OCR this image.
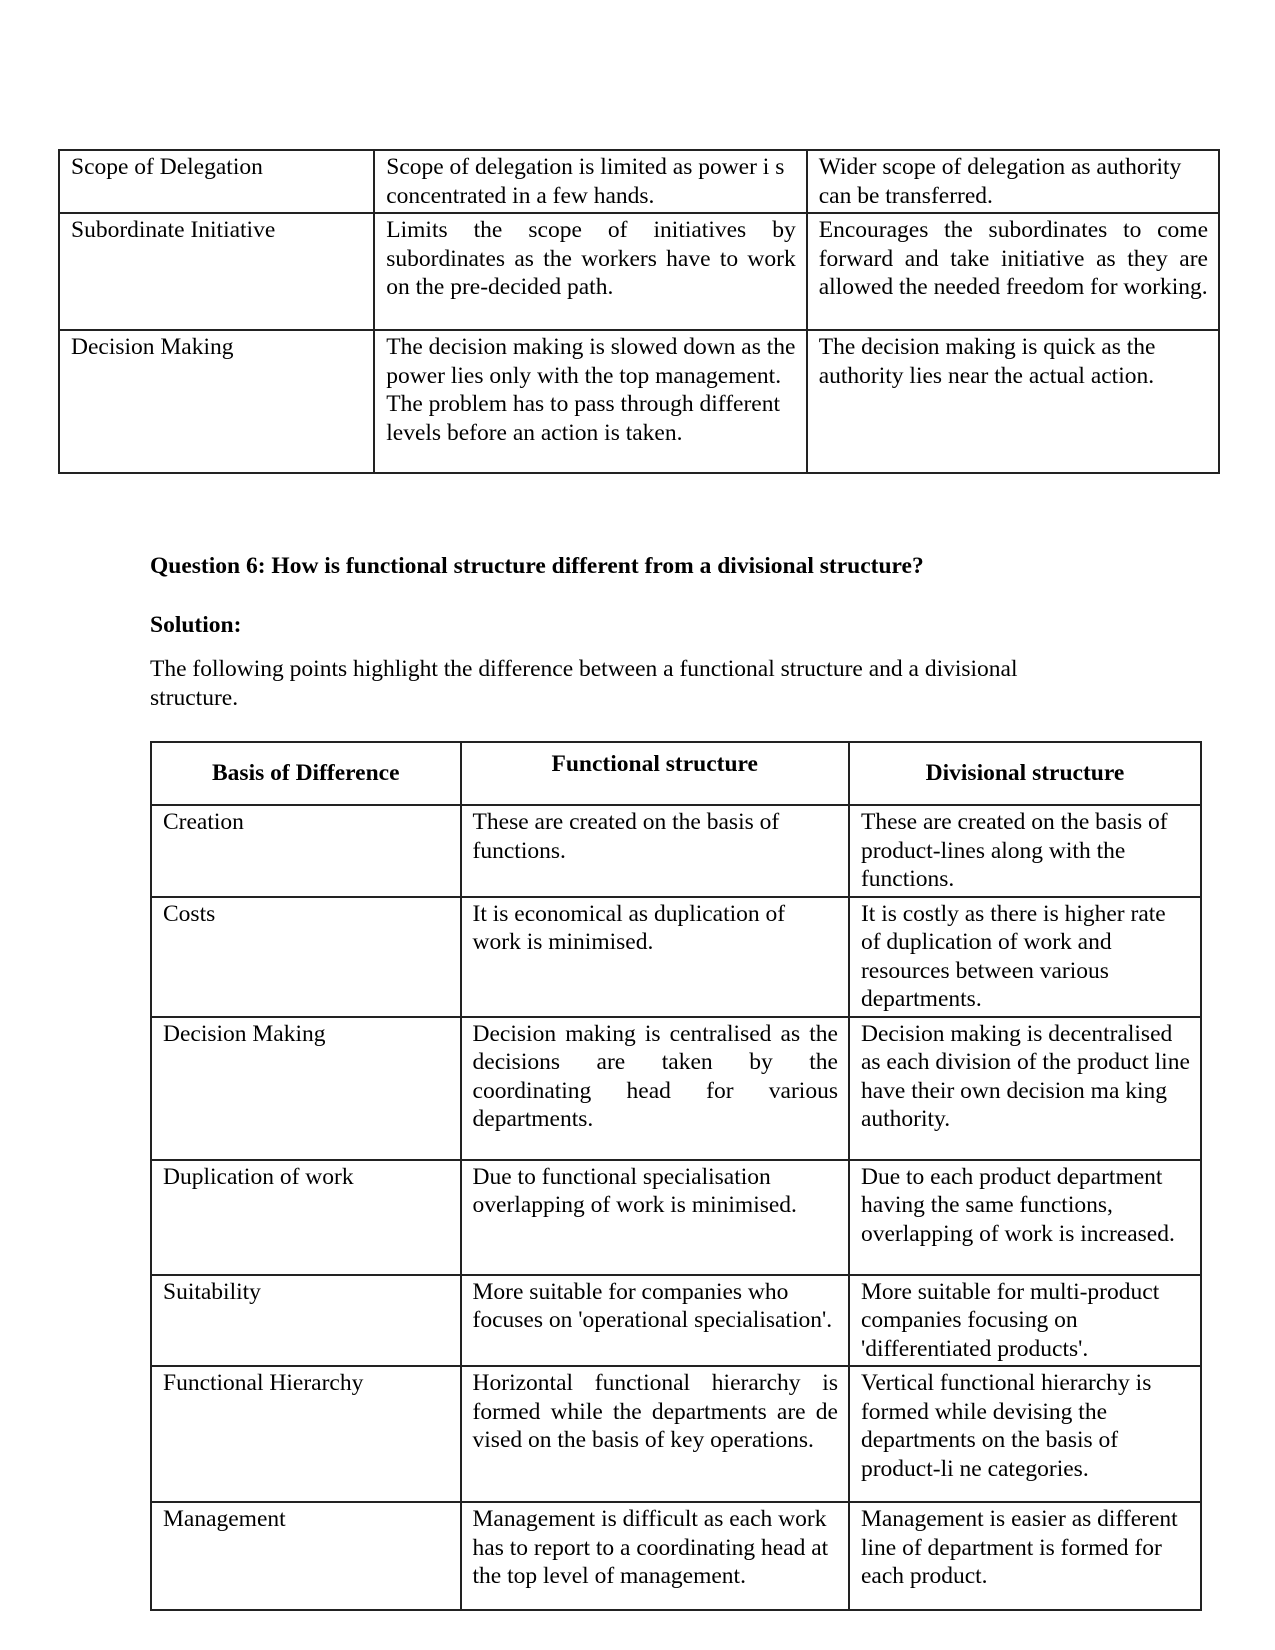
Scope of Delegation	Scope of delegation is limited as power i s concentrated in a few hands.	Wider scope of delegation as authority can be transferred.
Subordinate Initiative	Limits the scope of initiatives by subordinates as the workers have to work on the pre-decided path.	Encourages the subordinates to come forward and take initiative as they are allowed the needed freedom for working.
Decision Making	The decision making is slowed down as the power lies only with the top management. The problem has to pass through different levels before an action is taken.	The decision making is quick as the authority lies near the actual action.
Question 6: How is functional structure different from a divisional structure?
Solution:
The following points highlight the difference between a functional structure and a divisional structure.
Basis of Difference	Functional structure	Divisional structure
Creation	These are created on the basis of functions.	These are created on the basis of product-lines along with the functions.
Costs	It is economical as duplication of work is minimised.	It is costly as there is higher rate of duplication of work and resources between various departments.
Decision Making	Decision making is centralised as the decisions are taken by the coordinating head for various departments.	Decision making is decentralised as each division of the product line have their own decision ma king authority.
Duplication of work	Due to functional specialisation overlapping of work is minimised.	Due to each product department having the same functions, overlapping of work is increased.
Suitability	More suitable for companies who focuses on 'operational specialisation'.	More suitable for multi-product companies focusing on 'differentiated products'.
Functional Hierarchy	Horizontal functional hierarchy is formed while the departments are de vised on the basis of key operations.	Vertical functional hierarchy is formed while devising the departments on the basis of product-li ne categories.
Management	Management is difficult as each work has to report to a coordinating head at the top level of management.	Management is easier as different line of department is formed for each product.
